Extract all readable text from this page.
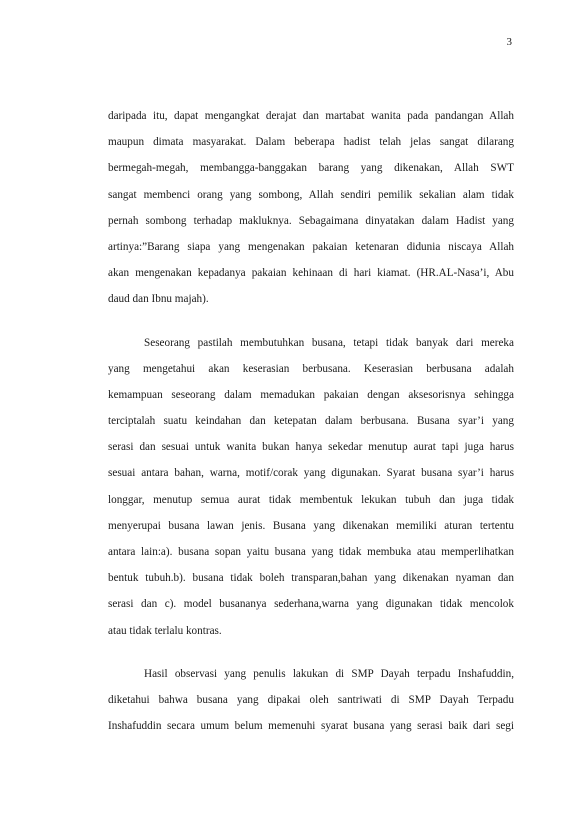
3

daripada itu, dapat mengangkat derajat dan martabat wanita pada pandangan Allah

maupun dimata masyarakat. Dalam beberapa hadist telah jelas sangat dilarang

bermegah-megah, membangga-banggakan barang yang dikenakan, Allah SWT

sangat membenci orang yang sombong, Allah sendiri pemilik sekalian alam tidak

pernah sombong terhadap makluknya. Sebagaimana dinyatakan dalam Hadist yang

artinya:”Barang siapa yang mengenakan pakaian ketenaran didunia niscaya Allah

akan mengenakan kepadanya pakaian kehinaan di hari kiamat. (HR.AL-Nasa’i, Abu

daud dan Ibnu majah).

Seseorang pastilah membutuhkan busana, tetapi tidak banyak dari mereka

yang mengetahui akan keserasian berbusana. Keserasian berbusana adalah

kemampuan seseorang dalam memadukan pakaian dengan aksesorisnya sehingga

terciptalah suatu keindahan dan ketepatan dalam berbusana. Busana syar’i yang

serasi dan sesuai untuk wanita bukan hanya sekedar menutup aurat tapi juga harus

sesuai antara bahan, warna, motif/corak yang digunakan. Syarat busana syar’i harus

longgar, menutup semua aurat tidak membentuk lekukan tubuh dan juga tidak

menyerupai busana lawan jenis. Busana yang dikenakan memiliki aturan tertentu

antara lain:a). busana sopan yaitu busana yang tidak membuka atau memperlihatkan

bentuk tubuh.b). busana tidak boleh transparan,bahan yang dikenakan nyaman dan

serasi dan c). model busananya sederhana,warna yang digunakan tidak mencolok

atau tidak terlalu kontras.

Hasil observasi yang penulis lakukan di SMP Dayah terpadu Inshafuddin,

diketahui bahwa busana yang dipakai oleh santriwati di SMP Dayah Terpadu

Inshafuddin secara umum belum memenuhi syarat busana yang serasi baik dari segi
